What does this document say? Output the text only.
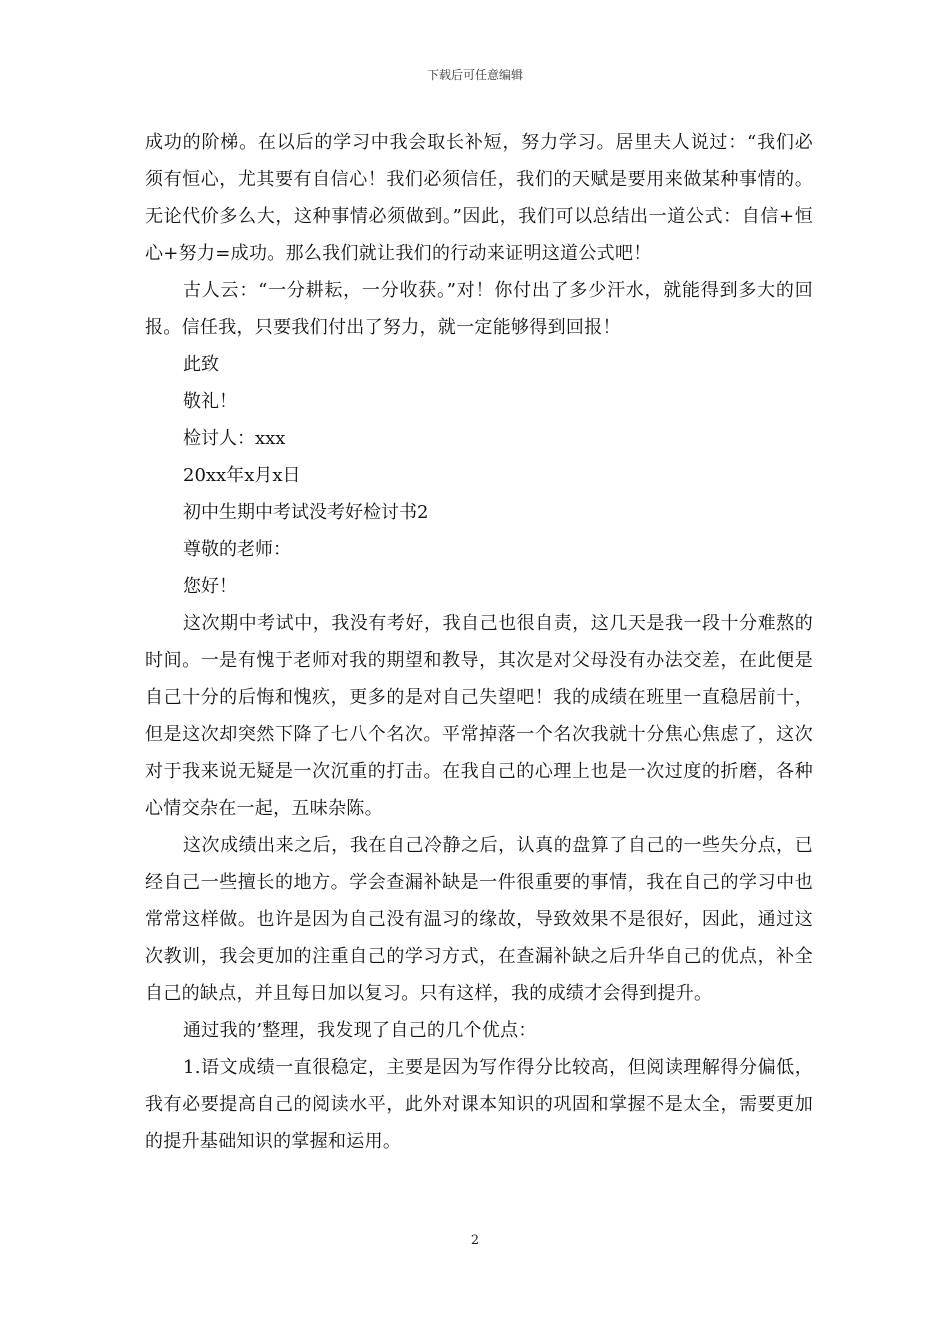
下载后可任意编辑

成功的阶梯。在以后的学习中我会取长补短，努力学习。居里夫人说过：“我们必须有恒心，尤其要有自信心！我们必须信任，我们的天赋是要用来做某种事情的。无论代价多么大，这种事情必须做到。”因此，我们可以总结出一道公式：自信+恒心+努力=成功。那么我们就让我们的行动来证明这道公式吧！

古人云：“一分耕耘，一分收获。”对！你付出了多少汗水，就能得到多大的回报。信任我，只要我们付出了努力，就一定能够得到回报！

此致

敬礼！

检讨人：xxx

20xx年x月x日

初中生期中考试没考好检讨书2

尊敬的老师：

您好！

这次期中考试中，我没有考好，我自己也很自责，这几天是我一段十分难熬的时间。一是有愧于老师对我的期望和教导，其次是对父母没有办法交差，在此便是自己十分的后悔和愧疚，更多的是对自己失望吧！我的成绩在班里一直稳居前十，但是这次却突然下降了七八个名次。平常掉落一个名次我就十分焦心焦虑了，这次对于我来说无疑是一次沉重的打击。在我自己的心理上也是一次过度的折磨，各种心情交杂在一起，五味杂陈。

这次成绩出来之后，我在自己冷静之后，认真的盘算了自己的一些失分点，已经自己一些擅长的地方。学会查漏补缺是一件很重要的事情，我在自己的学习中也常常这样做。也许是因为自己没有温习的缘故，导致效果不是很好，因此，通过这次教训，我会更加的注重自己的学习方式，在查漏补缺之后升华自己的优点，补全自己的缺点，并且每日加以复习。只有这样，我的成绩才会得到提升。

通过我的’整理，我发现了自己的几个优点：

1.语文成绩一直很稳定，主要是因为写作得分比较高，但阅读理解得分偏低，我有必要提高自己的阅读水平，此外对课本知识的巩固和掌握不是太全，需要更加的提升基础知识的掌握和运用。

2
